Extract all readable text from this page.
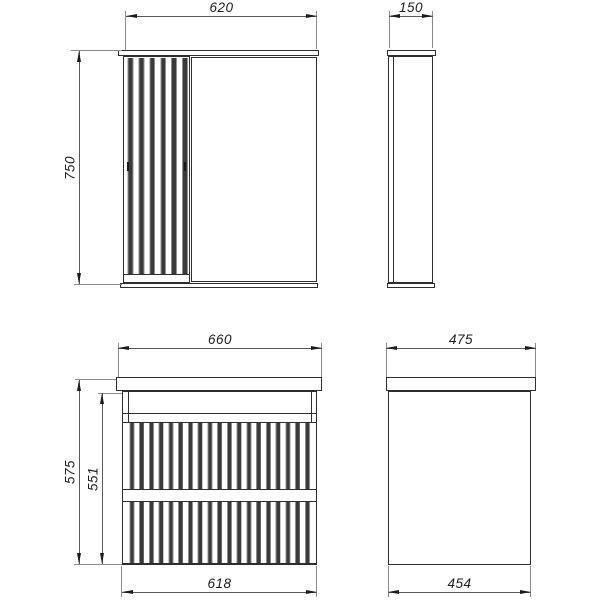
620
750
150
660
575 551
618
475
454
